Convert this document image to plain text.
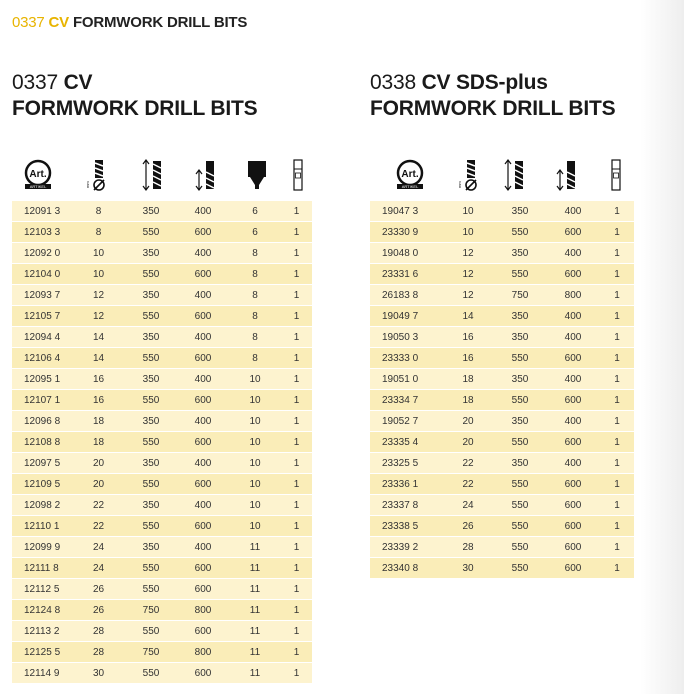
0337 CV FORMWORK DRILL BITS
0337 CV
FORMWORK DRILL BITS
0338 CV SDS-plus
FORMWORK DRILL BITS
Art.
ARTIKEL	mm
Art.
ARTIKEL	mm
12091 3	8	350	400	6	1
12103 3	8	550	600	6	1
12092 0	10	350	400	8	1
12104 0	10	550	600	8	1
12093 7	12	350	400	8	1
12105 7	12	550	600	8	1
12094 4	14	350	400	8	1
12106 4	14	550	600	8	1
12095 1	16	350	400	10	1
12107 1	16	550	600	10	1
12096 8	18	350	400	10	1
12108 8	18	550	600	10	1
12097 5	20	350	400	10	1
12109 5	20	550	600	10	1
12098 2	22	350	400	10	1
12110 1	22	550	600	10	1
12099 9	24	350	400	11	1
12111 8	24	550	600	11	1
12112 5	26	550	600	11	1
12124 8	26	750	800	11	1
12113 2	28	550	600	11	1
12125 5	28	750	800	11	1
12114 9	30	550	600	11	1
19047 3	10	350	400	1
23330 9	10	550	600	1
19048 0	12	350	400	1
23331 6	12	550	600	1
26183 8	12	750	800	1
19049 7	14	350	400	1
19050 3	16	350	400	1
23333 0	16	550	600	1
19051 0	18	350	400	1
23334 7	18	550	600	1
19052 7	20	350	400	1
23335 4	20	550	600	1
23325 5	22	350	400	1
23336 1	22	550	600	1
23337 8	24	550	600	1
23338 5	26	550	600	1
23339 2	28	550	600	1
23340 8	30	550	600	1
